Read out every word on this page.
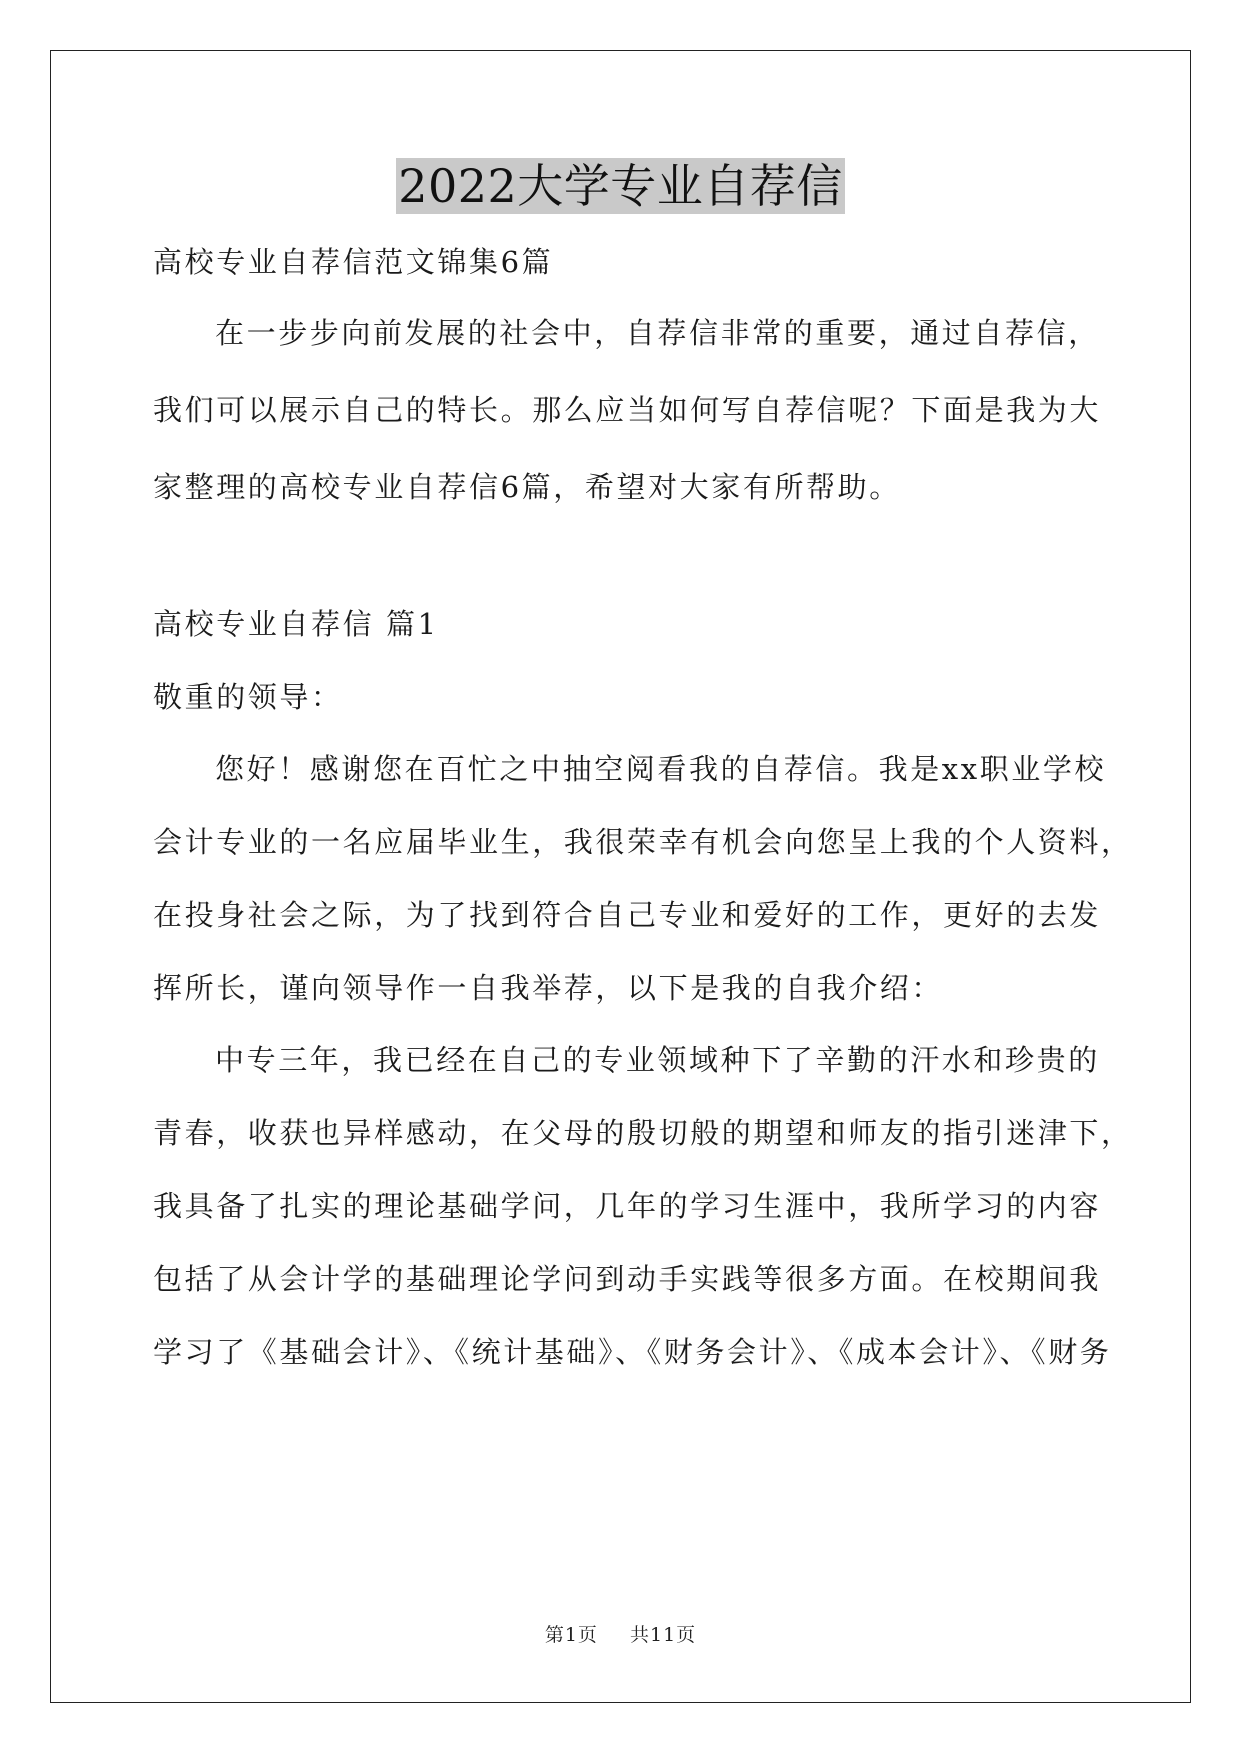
2022大学专业自荐信
高校专业自荐信范文锦集6篇
在一步步向前发展的社会中，自荐信非常的重要，通过自荐信，
我们可以展示自己的特长。那么应当如何写自荐信呢？下面是我为大
家整理的高校专业自荐信6篇，希望对大家有所帮助。
高校专业自荐信 篇1
敬重的领导：
您好！感谢您在百忙之中抽空阅看我的自荐信。我是xx职业学校
会计专业的一名应届毕业生，我很荣幸有机会向您呈上我的个人资料，
在投身社会之际，为了找到符合自己专业和爱好的工作，更好的去发
挥所长，谨向领导作一自我举荐，以下是我的自我介绍：
中专三年，我已经在自己的专业领域种下了辛勤的汗水和珍贵的
青春，收获也异样感动，在父母的殷切般的期望和师友的指引迷津下，
我具备了扎实的理论基础学问，几年的学习生涯中，我所学习的内容
包括了从会计学的基础理论学问到动手实践等很多方面。在校期间我
学习了《基础会计》、《统计基础》、《财务会计》、《成本会计》、《财务
第1页 共11页
